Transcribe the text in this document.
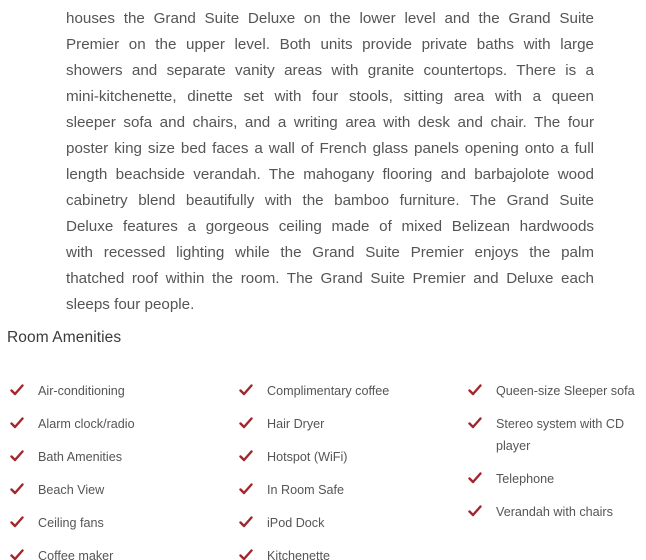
houses the Grand Suite Deluxe on the lower level and the Grand Suite
Premier on the upper level. Both units provide private baths with large
showers and separate vanity areas with granite countertops. There is a
mini-kitchenette, dinette set with four stools, sitting area with a queen
sleeper sofa and chairs, and a writing area with desk and chair. The four
poster king size bed faces a wall of French glass panels opening onto a full
length beachside verandah. The mahogany flooring and barbajolote wood
cabinetry blend beautifully with the bamboo furniture. The Grand Suite
Deluxe features a gorgeous ceiling made of mixed Belizean hardwoods
with recessed lighting while the Grand Suite Premier enjoys the palm
thatched roof within the room. The Grand Suite Premier and Deluxe each
sleeps four people.
Room Amenities
Air-conditioning
Alarm clock/radio
Bath Amenities
Beach View
Ceiling fans
Coffee maker
Complimentary coffee
Hair Dryer
Hotspot (WiFi)
In Room Safe
iPod Dock
Kitchenette
Queen-size Sleeper sofa
Stereo system with CD player
Telephone
Verandah with chairs
